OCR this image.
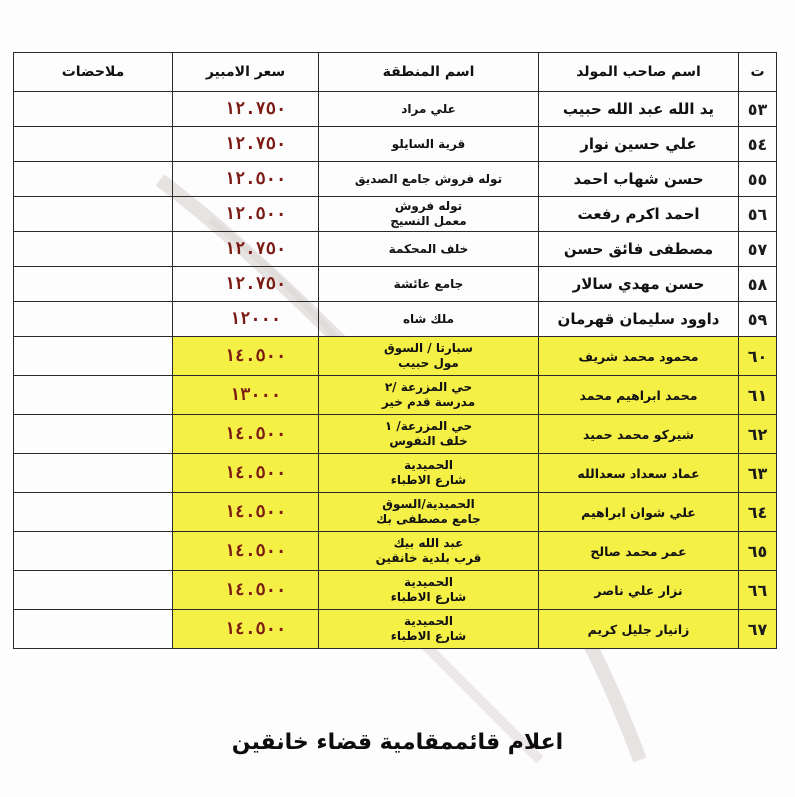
ت	اسم صاحب المولد	اسم المنطقة	سعر الامبير	ملاحضات
٥٣	يد الله عبد الله حبيب	علي مراد	١٢.٧٥٠	
٥٤	علي حسين نوار	قرية السايلو	١٢.٧٥٠	
٥٥	حسن شهاب احمد	توله فروش جامع الصديق	١٢.٥٠٠	
٥٦	احمد اكرم رفعت	توله فروش
معمل النسيج	١٢.٥٠٠	
٥٧	مصطفى فائق حسن	خلف المحكمة	١٢.٧٥٠	
٥٨	حسن مهدي سالار	جامع عائشة	١٢.٧٥٠	
٥٩	داوود سليمان قهرمان	ملك شاه	١٢٠٠٠	
٦٠	محمود محمد شريف	سبارتا / السوق
مول حبيب	١٤.٥٠٠	
٦١	محمد ابراهيم محمد	حي المزرعة /٢
مدرسة قدم خير	١٣٠٠٠	
٦٢	شيركو محمد حميد	حي المزرعة/ ١
خلف النفوس	١٤.٥٠٠	
٦٣	عماد سعداد سعدالله	الحميدية
شارع الاطباء	١٤.٥٠٠	
٦٤	علي شوان ابراهيم	الحميدية/السوق
جامع مصطفى بك	١٤.٥٠٠	
٦٥	عمر محمد صالح	عبد الله بيك
قرب بلدية خانقين	١٤.٥٠٠	
٦٦	نزار علي ناصر	الحميدية
شارع الاطباء	١٤.٥٠٠	
٦٧	زانيار جليل كريم	الحميدية
شارع الاطباء	١٤.٥٠٠	
اعلام قائممقامية قضاء خانقين
